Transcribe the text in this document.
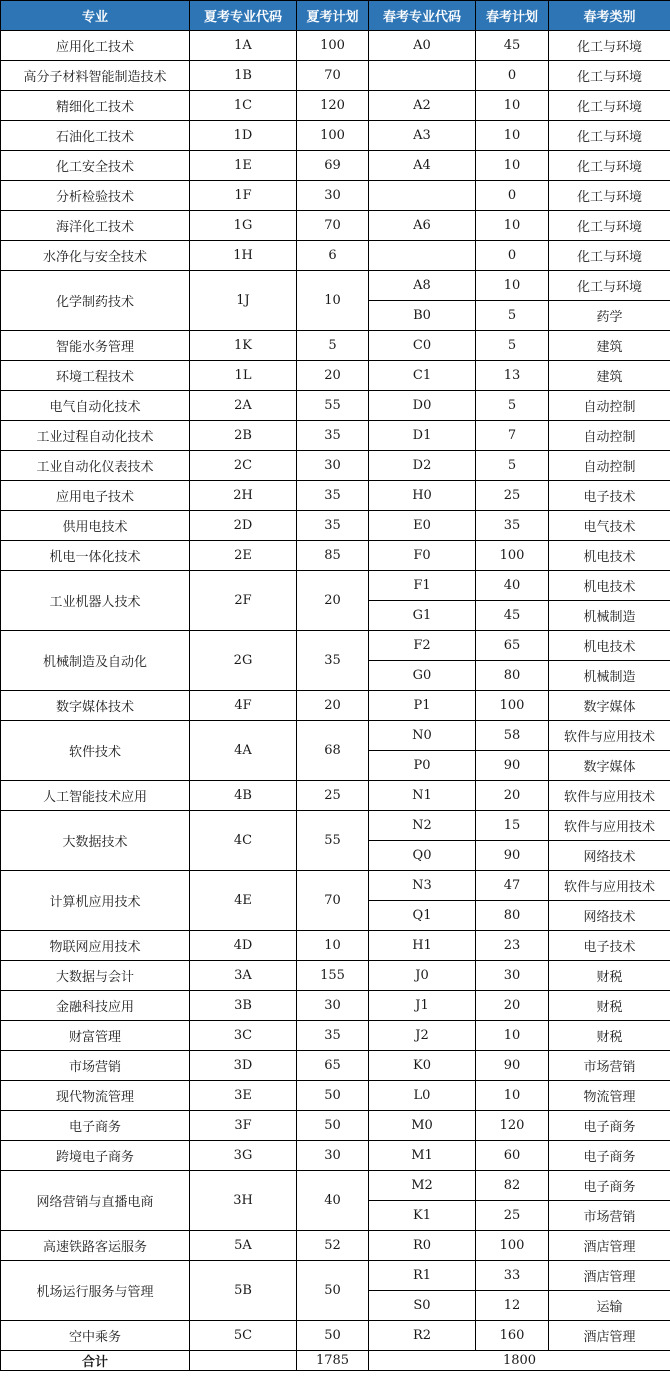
专业	夏考专业代码	夏考计划	春考专业代码	春考计划	春考类别
应用化工技术	1A	100	A0	45	化工与环境
高分子材料智能制造技术	1B	70		0	化工与环境
精细化工技术	1C	120	A2	10	化工与环境
石油化工技术	1D	100	A3	10	化工与环境
化工安全技术	1E	69	A4	10	化工与环境
分析检验技术	1F	30		0	化工与环境
海洋化工技术	1G	70	A6	10	化工与环境
水净化与安全技术	1H	6		0	化工与环境
化学制药技术	1J	10	A8	10	化工与环境
			B0	5	药学
智能水务管理	1K	5	C0	5	建筑
环境工程技术	1L	20	C1	13	建筑
电气自动化技术	2A	55	D0	5	自动控制
工业过程自动化技术	2B	35	D1	7	自动控制
工业自动化仪表技术	2C	30	D2	5	自动控制
应用电子技术	2H	35	H0	25	电子技术
供用电技术	2D	35	E0	35	电气技术
机电一体化技术	2E	85	F0	100	机电技术
工业机器人技术	2F	20	F1	40	机电技术
			G1	45	机械制造
机械制造及自动化	2G	35	F2	65	机电技术
			G0	80	机械制造
数字媒体技术	4F	20	P1	100	数字媒体
软件技术	4A	68	N0	58	软件与应用技术
			P0	90	数字媒体
人工智能技术应用	4B	25	N1	20	软件与应用技术
大数据技术	4C	55	N2	15	软件与应用技术
			Q0	90	网络技术
计算机应用技术	4E	70	N3	47	软件与应用技术
			Q1	80	网络技术
物联网应用技术	4D	10	H1	23	电子技术
大数据与会计	3A	155	J0	30	财税
金融科技应用	3B	30	J1	20	财税
财富管理	3C	35	J2	10	财税
市场营销	3D	65	K0	90	市场营销
现代物流管理	3E	50	L0	10	物流管理
电子商务	3F	50	M0	120	电子商务
跨境电子商务	3G	30	M1	60	电子商务
网络营销与直播电商	3H	40	M2	82	电子商务
			K1	25	市场营销
高速铁路客运服务	5A	52	R0	100	酒店管理
机场运行服务与管理	5B	50	R1	33	酒店管理
			S0	12	运输
空中乘务	5C	50	R2	160	酒店管理
合计		1785	1800		
